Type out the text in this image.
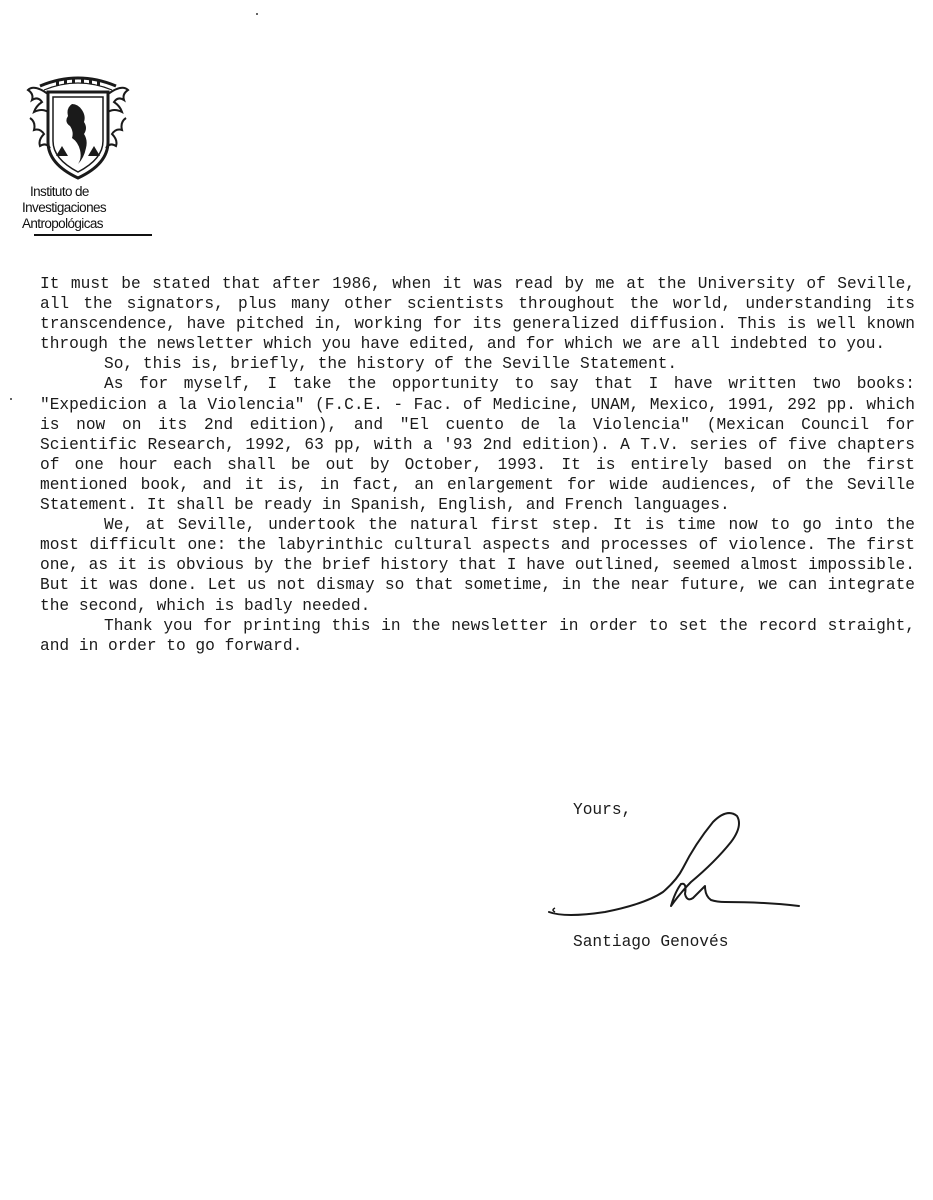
Instituto de
Investigaciones
Antropológicas

It must be stated that after 1986, when it was read by me at the University of Seville, all the signators, plus many other scientists throughout the world, understanding its transcendence, have pitched in, working for its generalized diffusion. This is well known through the newsletter which you have edited, and for which we are all indebted to you.

So, this is, briefly, the history of the Seville Statement.

As for myself, I take the opportunity to say that I have written two books: "Expedicion a la Violencia" (F.C.E. - Fac. of Medicine, UNAM, Mexico, 1991, 292 pp. which is now on its 2nd edition), and "El cuento de la Violencia" (Mexican Council for Scientific Research, 1992, 63 pp, with a '93 2nd edition). A T.V. series of five chapters of one hour each shall be out by October, 1993. It is entirely based on the first mentioned book, and it is, in fact, an enlargement for wide audiences, of the Seville Statement. It shall be ready in Spanish, English, and French languages.

We, at Seville, undertook the natural first step. It is time now to go into the most difficult one: the labyrinthic cultural aspects and processes of violence. The first one, as it is obvious by the brief history that I have outlined, seemed almost impossible. But it was done. Let us not dismay so that sometime, in the near future, we can integrate the second, which is badly needed.

Thank you for printing this in the newsletter in order to set the record straight, and in order to go forward.

Yours,
Santiago Genovés
